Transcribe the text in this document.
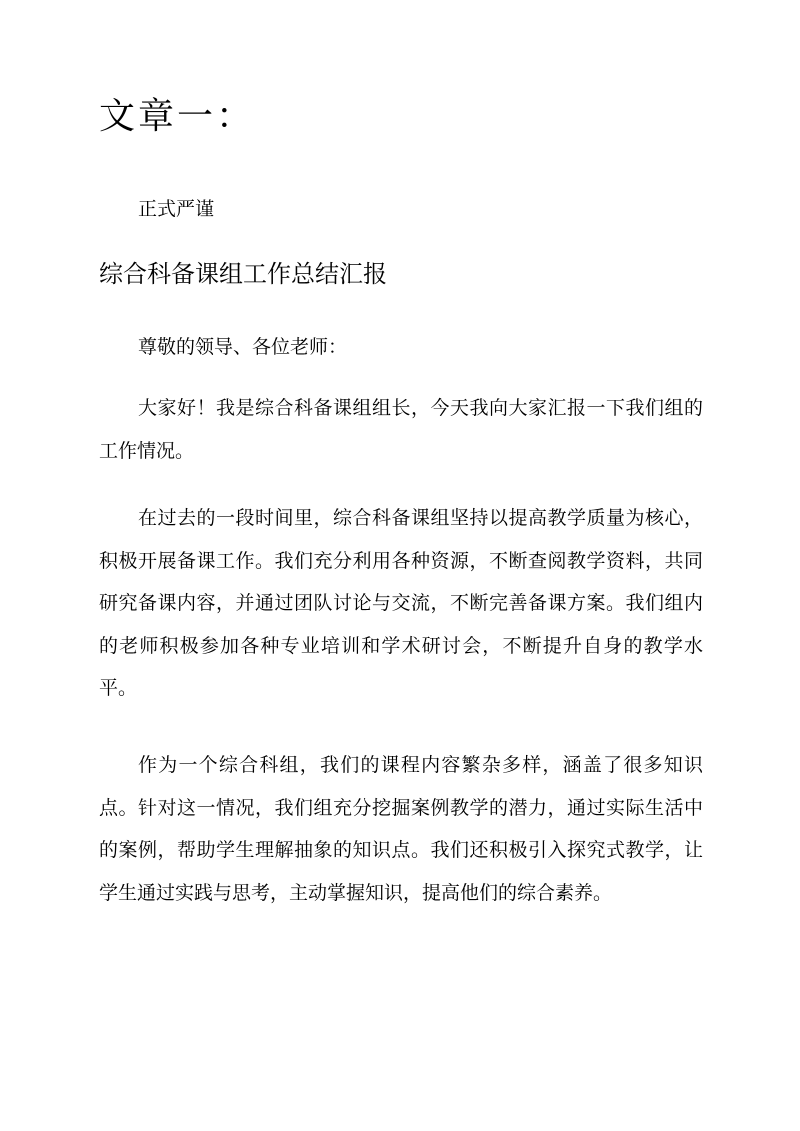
文章一：

正式严谨

综合科备课组工作总结汇报

尊敬的领导、各位老师：

大家好！我是综合科备课组组长，今天我向大家汇报一下我们组的工作情况。

在过去的一段时间里，综合科备课组坚持以提高教学质量为核心，积极开展备课工作。我们充分利用各种资源，不断查阅教学资料，共同研究备课内容，并通过团队讨论与交流，不断完善备课方案。我们组内的老师积极参加各种专业培训和学术研讨会，不断提升自身的教学水平。

作为一个综合科组，我们的课程内容繁杂多样，涵盖了很多知识点。针对这一情况，我们组充分挖掘案例教学的潜力，通过实际生活中的案例，帮助学生理解抽象的知识点。我们还积极引入探究式教学，让学生通过实践与思考，主动掌握知识，提高他们的综合素养。
